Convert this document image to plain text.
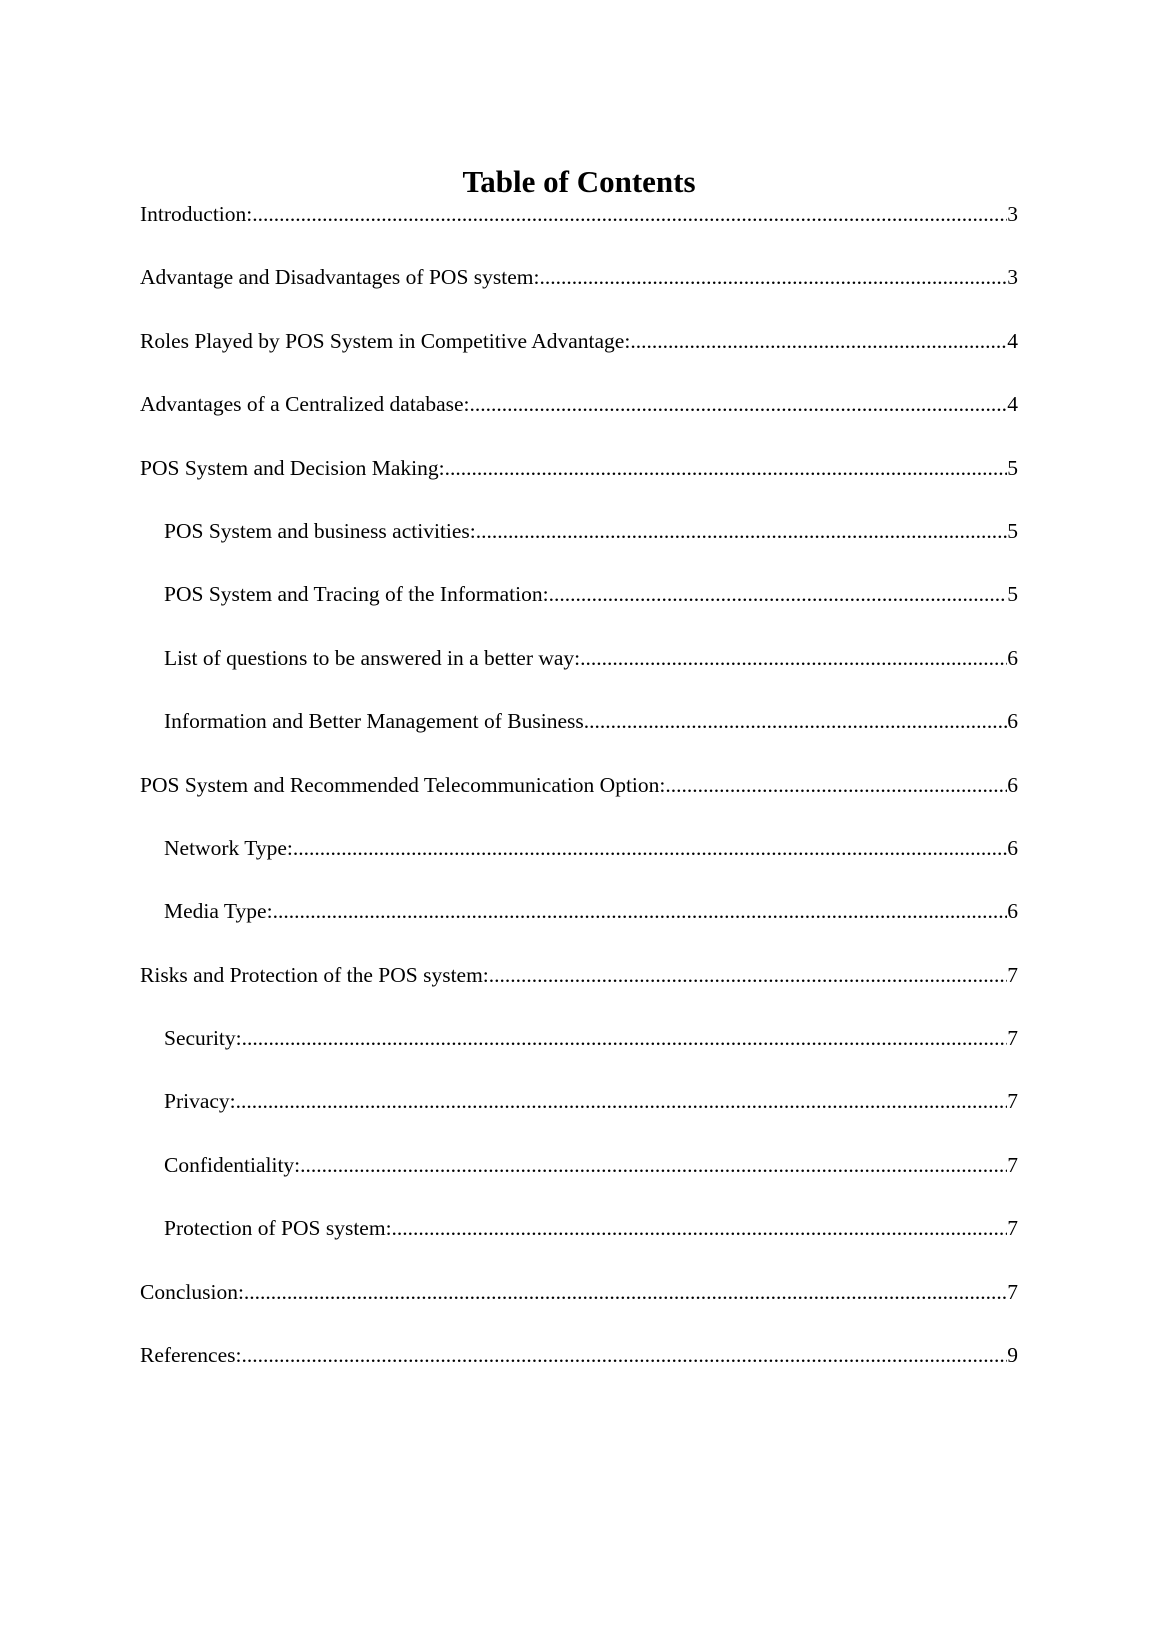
Table of Contents
Introduction: .....	3
Advantage and Disadvantages of POS system: .....	3
Roles Played by POS System in Competitive Advantage: .....	4
Advantages of a Centralized database: .....	4
POS System and Decision Making: .....	5
POS System and business activities: .....	5
POS System and Tracing of the Information: .....	5
List of questions to be answered in a better way: .....	6
Information and Better Management of Business .....	6
POS System and Recommended Telecommunication Option: .....	6
Network Type: .....	6
Media Type: .....	6
Risks and Protection of the POS system: .....	7
Security: .....	7
Privacy: .....	7
Confidentiality: .....	7
Protection of POS system: .....	7
Conclusion: .....	7
References: .....	9
